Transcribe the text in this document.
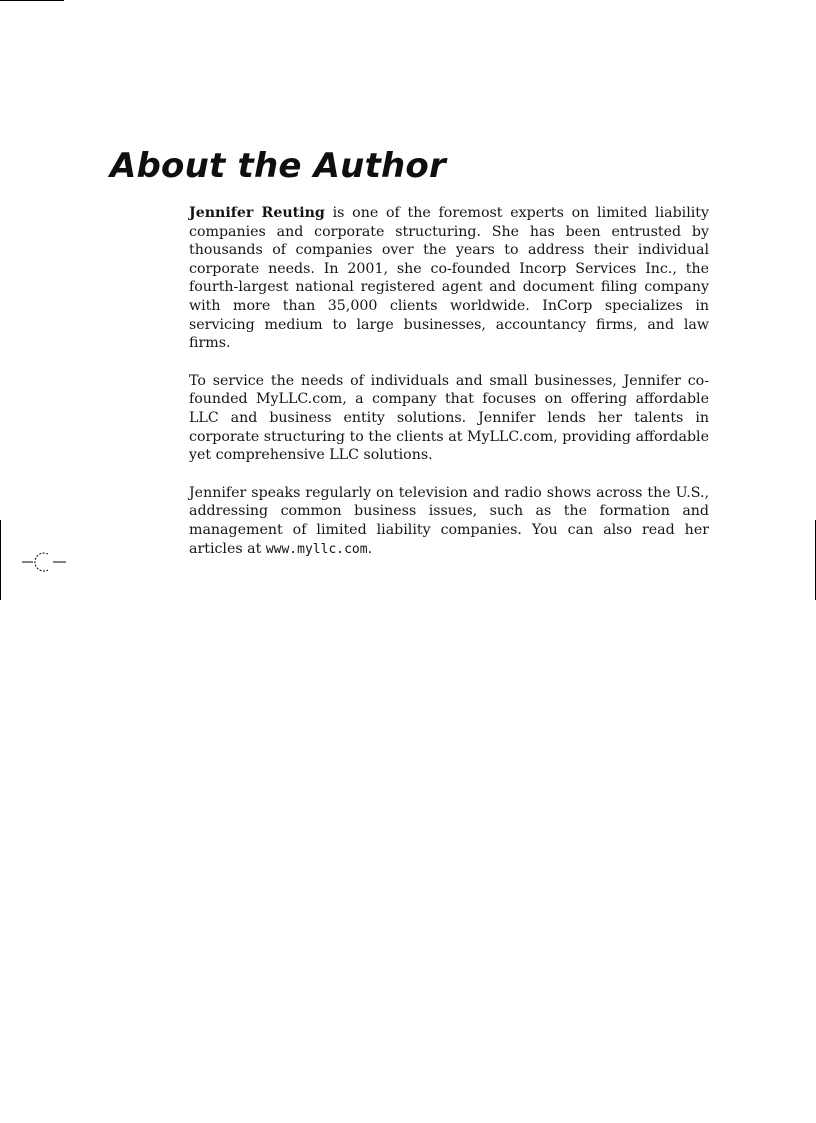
About the Author

Jennifer Reuting is one of the foremost experts on limited liability companies and corporate structuring. She has been entrusted by thousands of companies over the years to address their individual corporate needs. In 2001, she co-founded Incorp Services Inc., the fourth-largest national registered agent and document filing company with more than 35,000 clients worldwide. InCorp specializes in servicing medium to large businesses, accountancy firms, and law firms.

To service the needs of individuals and small businesses, Jennifer co-founded MyLLC.com, a company that focuses on offering affordable LLC and business entity solutions. Jennifer lends her talents in corporate structuring to the clients at MyLLC.com, providing affordable yet comprehensive LLC solutions.

Jennifer speaks regularly on television and radio shows across the U.S., addressing common business issues, such as the formation and management of limited liability companies. You can also read her articles at www.myllc.com.
